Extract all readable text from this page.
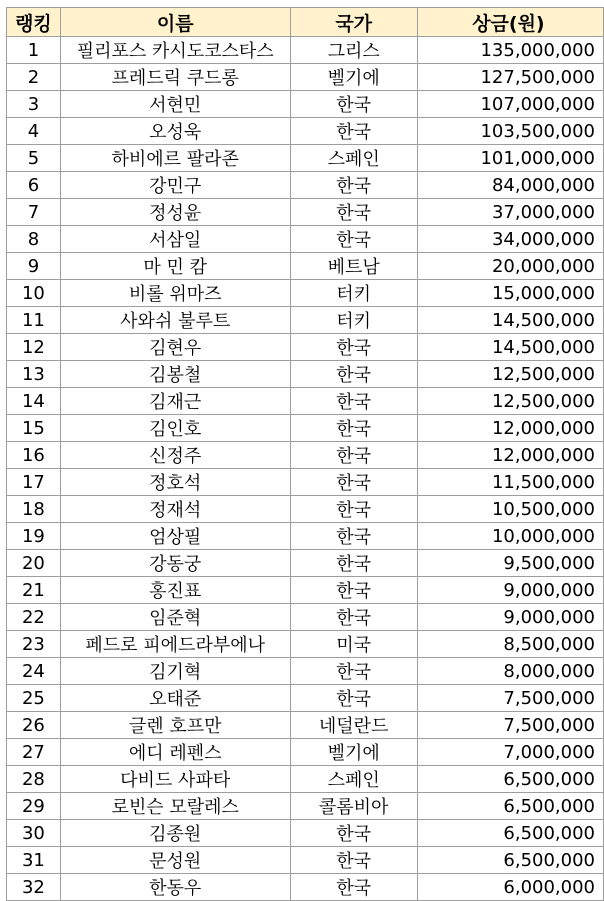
랭킹	이름	국가	상금(원)
1	필리포스 카시도코스타스	그리스	135,000,000
2	프레드릭 쿠드롱	벨기에	127,500,000
3	서현민	한국	107,000,000
4	오성욱	한국	103,500,000
5	하비에르 팔라존	스페인	101,000,000
6	강민구	한국	84,000,000
7	정성윤	한국	37,000,000
8	서삼일	한국	34,000,000
9	마 민 캄	베트남	20,000,000
10	비롤 위마즈	터키	15,000,000
11	사와쉬 불루트	터키	14,500,000
12	김현우	한국	14,500,000
13	김봉철	한국	12,500,000
14	김재근	한국	12,500,000
15	김인호	한국	12,000,000
16	신정주	한국	12,000,000
17	정호석	한국	11,500,000
18	정재석	한국	10,500,000
19	엄상필	한국	10,000,000
20	강동궁	한국	9,500,000
21	홍진표	한국	9,000,000
22	임준혁	한국	9,000,000
23	페드로 피에드라부에나	미국	8,500,000
24	김기혁	한국	8,000,000
25	오태준	한국	7,500,000
26	글렌 호프만	네덜란드	7,500,000
27	에디 레펜스	벨기에	7,000,000
28	다비드 사파타	스페인	6,500,000
29	로빈슨 모랄레스	콜롬비아	6,500,000
30	김종원	한국	6,500,000
31	문성원	한국	6,500,000
32	한동우	한국	6,000,000
